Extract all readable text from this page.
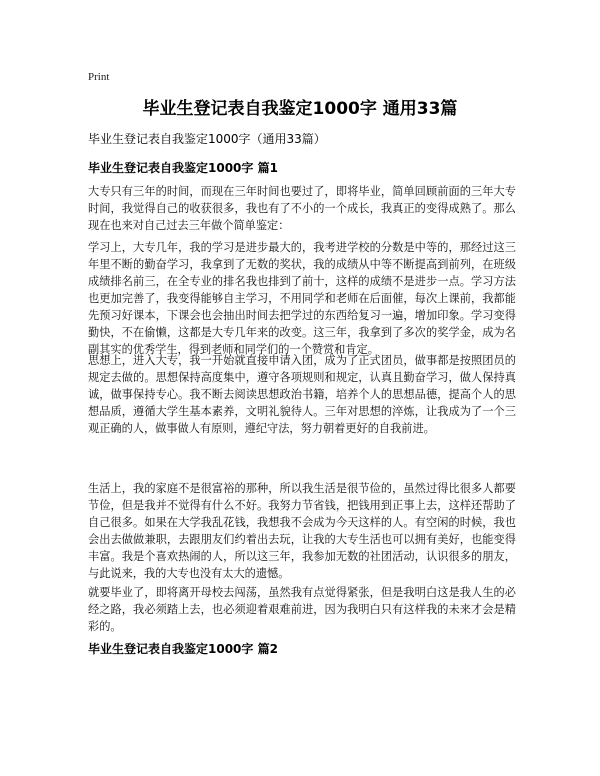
Print
毕业生登记表自我鉴定1000字 通用33篇
毕业生登记表自我鉴定1000字（通用33篇）
毕业生登记表自我鉴定1000字 篇1

大专只有三年的时间，而现在三年时间也要过了，即将毕业，简单回顾前面的三年大专时间，我觉得自己的收获很多，我也有了不小的一个成长，我真正的变得成熟了。那么现在也来对自己过去三年做个简单鉴定：

学习上，大专几年，我的学习是进步最大的，我考进学校的分数是中等的，那经过这三年里不断的勤奋学习，我拿到了无数的奖状，我的成绩从中等不断提高到前列，在班级成绩排名前三，在全专业的排名我也排到了前十，这样的成绩不是进步一点。学习方法也更加完善了，我变得能够自主学习，不用同学和老师在后面催，每次上课前，我都能先预习好课本，下课会也会抽出时间去把学过的东西给复习一遍，增加印象。学习变得勤快，不在偷懒，这都是大专几年来的改变。这三年，我拿到了多次的奖学金，成为名副其实的优秀学生，得到老师和同学们的一个赞赏和肯定。

思想上，进入大专，我一开始就直接申请入团，成为了正式团员，做事都是按照团员的规定去做的。思想保持高度集中，遵守各项规则和规定，认真且勤奋学习，做人保持真诚，做事保持专心。我不断去阅读思想政治书籍，培养个人的思想品德，提高个人的思想品质，遵循大学生基本素养，文明礼貌待人。三年对思想的淬炼，让我成为了一个三观正确的人，做事做人有原则，遵纪守法，努力朝着更好的自我前进。

生活上，我的家庭不是很富裕的那种，所以我生活是很节俭的，虽然过得比很多人都要节俭，但是我并不觉得有什么不好。我努力节省钱，把钱用到正事上去，这样还帮助了自己很多。如果在大学我乱花钱，我想我不会成为今天这样的人。有空闲的时候，我也会出去做做兼职，去跟朋友们约着出去玩，让我的大专生活也可以拥有美好，也能变得丰富。我是个喜欢热闹的人，所以这三年，我参加无数的社团活动，认识很多的朋友，与此说来，我的大专也没有太大的遗憾。

就要毕业了，即将离开母校去闯荡，虽然我有点觉得紧张，但是我明白这是我人生的必经之路，我必须踏上去，也必须迎着艰难前进，因为我明白只有这样我的未来才会是精彩的。

毕业生登记表自我鉴定1000字 篇2
